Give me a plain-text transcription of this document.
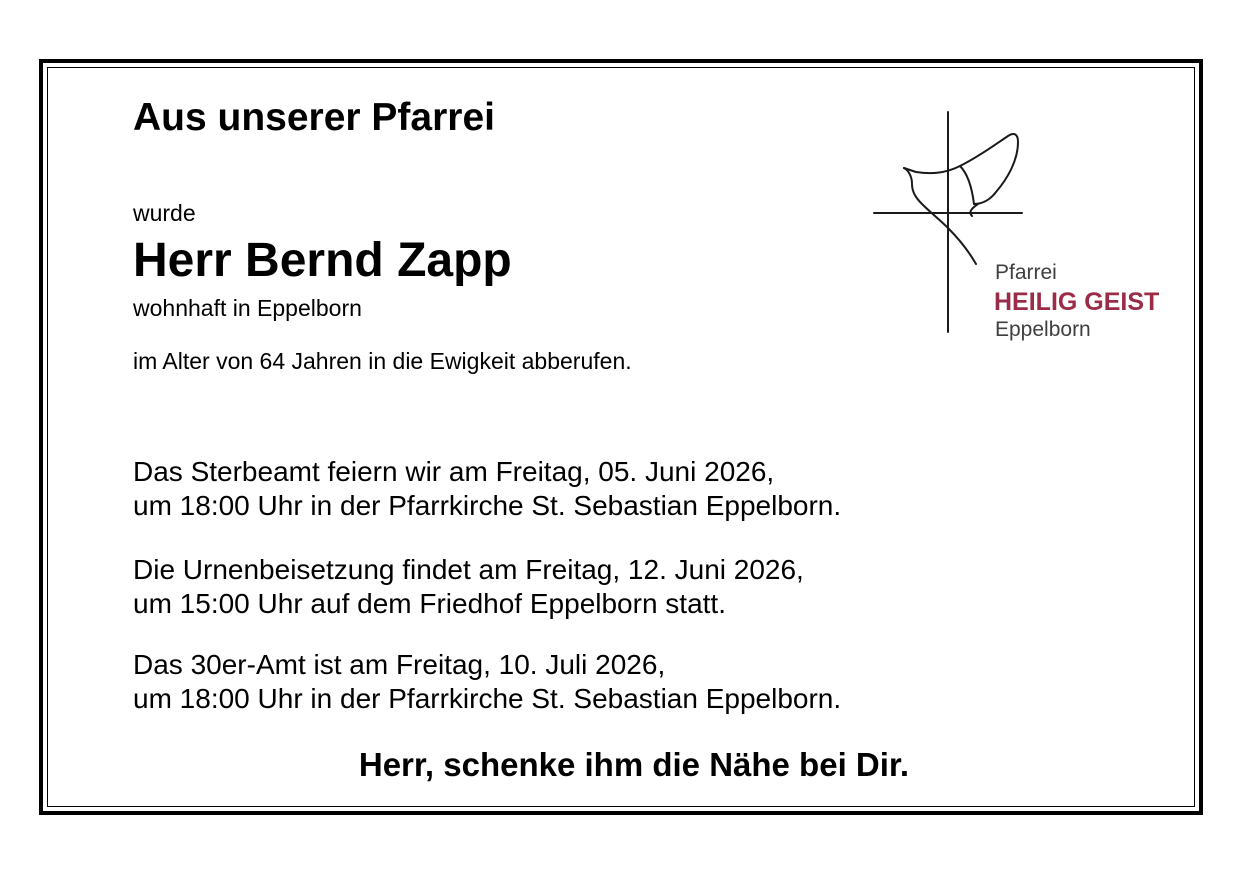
Aus unserer Pfarrei

wurde

Herr Bernd Zapp

wohnhaft in Eppelborn

im Alter von 64 Jahren in die Ewigkeit abberufen.

Das Sterbeamt feiern wir am Freitag, 05. Juni 2026,
um 18:00 Uhr in der Pfarrkirche St. Sebastian Eppelborn.
Die Urnenbeisetzung findet am Freitag, 12. Juni 2026,
um 15:00 Uhr auf dem Friedhof Eppelborn statt.
Das 30er-Amt ist am Freitag, 10. Juli 2026,
um 18:00 Uhr in der Pfarrkirche St. Sebastian Eppelborn.

Herr, schenke ihm die Nähe bei Dir.

Pfarrei
HEILIG GEIST
Eppelborn
